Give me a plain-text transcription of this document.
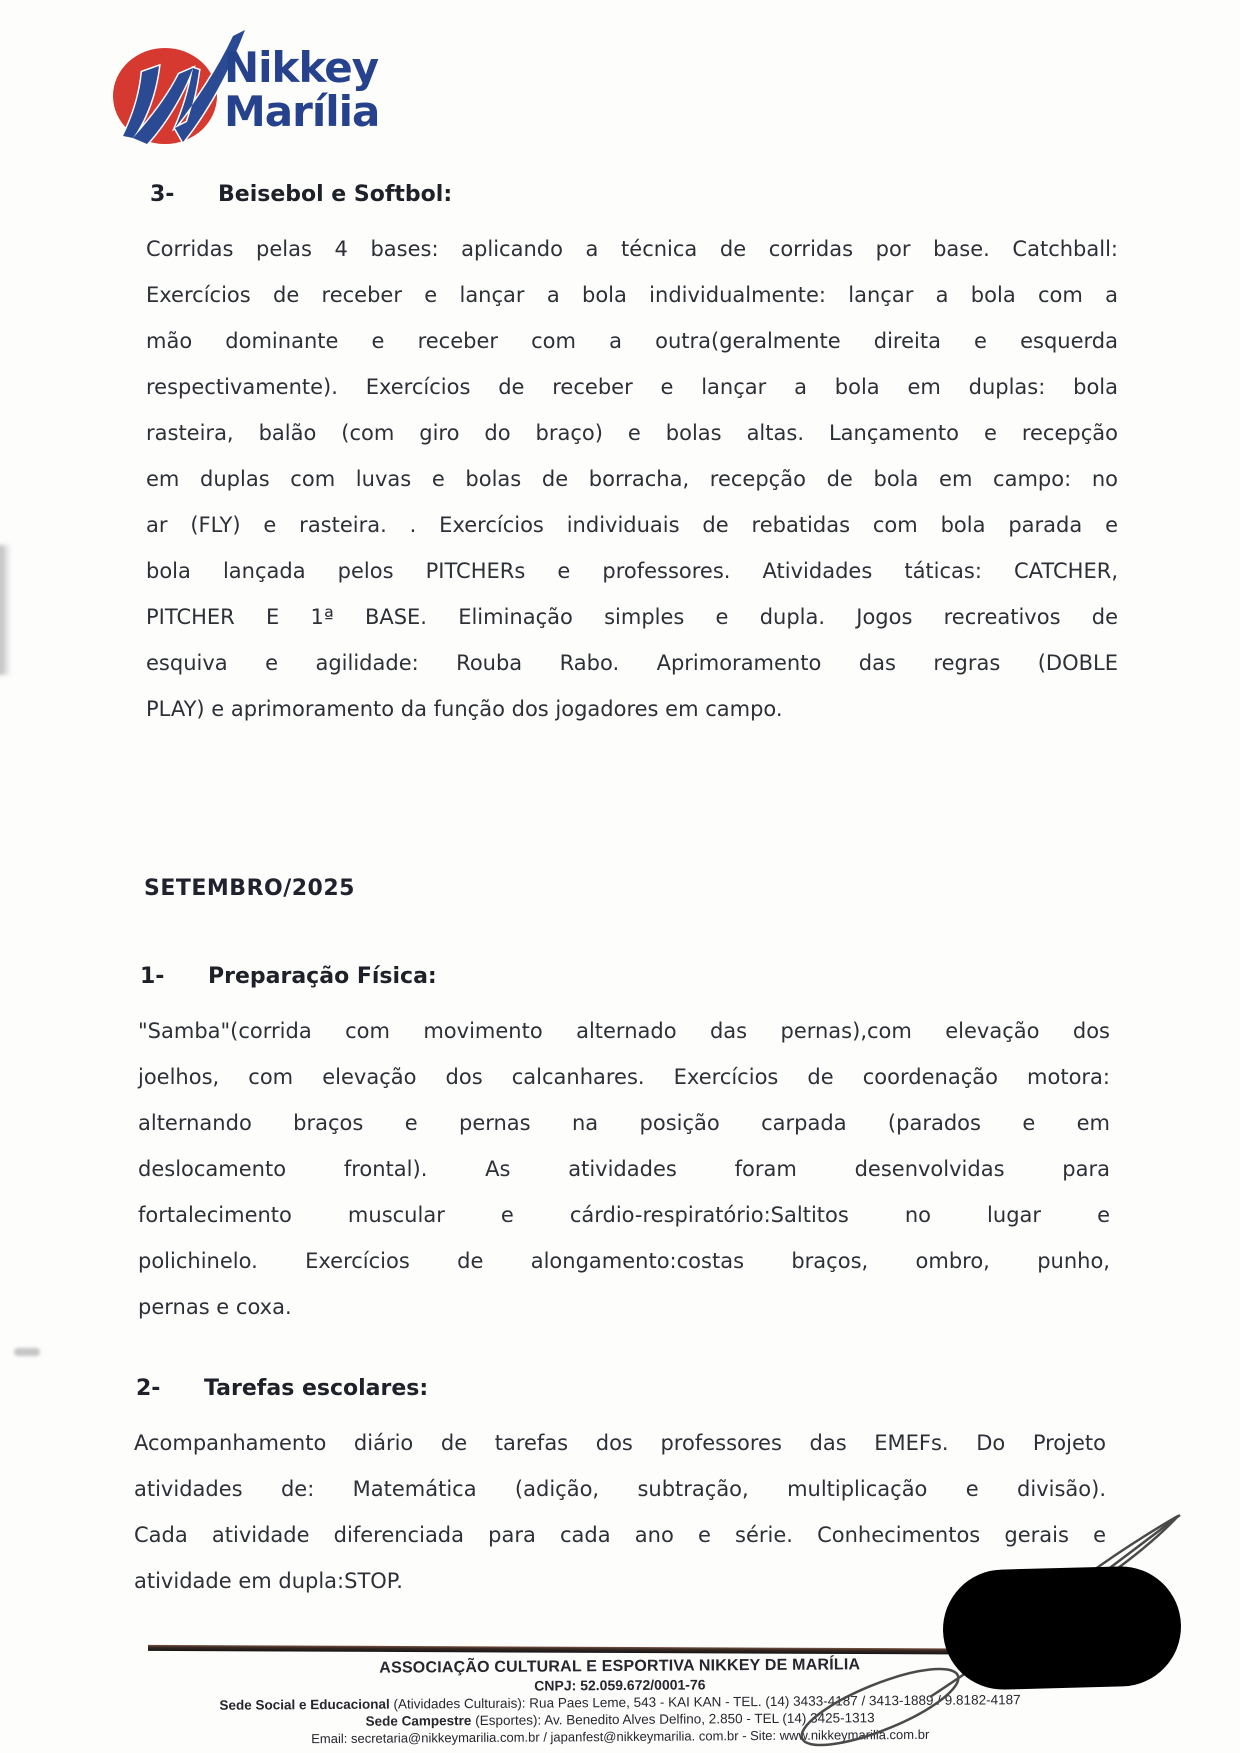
Nikkey
Marília
3- Beisebol e Softbol:
Corridas pelas 4 bases: aplicando a técnica de corridas por base. Catchball:
Exercícios de receber e lançar a bola individualmente: lançar a bola com a
mão dominante e receber com a outra(geralmente direita e esquerda
respectivamente). Exercícios de receber e lançar a bola em duplas: bola
rasteira, balão (com giro do braço) e bolas altas. Lançamento e recepção
em duplas com luvas e bolas de borracha, recepção de bola em campo: no
ar (FLY) e rasteira. . Exercícios individuais de rebatidas com bola parada e
bola lançada pelos PITCHERs e professores. Atividades táticas: CATCHER,
PITCHER E 1ª BASE. Eliminação simples e dupla. Jogos recreativos de
esquiva e agilidade: Rouba Rabo. Aprimoramento das regras (DOBLE
PLAY) e aprimoramento da função dos jogadores em campo.
SETEMBRO/2025
1- Preparação Física:
"Samba"(corrida com movimento alternado das pernas),com elevação dos
joelhos, com elevação dos calcanhares. Exercícios de coordenação motora:
alternando braços e pernas na posição carpada (parados e em
deslocamento frontal). As atividades foram desenvolvidas para
fortalecimento muscular e cárdio-respiratório:Saltitos no lugar e
polichinelo. Exercícios de alongamento:costas braços, ombro, punho,
pernas e coxa.
2- Tarefas escolares:
Acompanhamento diário de tarefas dos professores das EMEFs. Do Projeto
atividades de: Matemática (adição, subtração, multiplicação e divisão).
Cada atividade diferenciada para cada ano e série. Conhecimentos gerais e
atividade em dupla:STOP.
ASSOCIAÇÃO CULTURAL E ESPORTIVA NIKKEY DE MARÍLIA
CNPJ: 52.059.672/0001-76
Sede Social e Educacional (Atividades Culturais): Rua Paes Leme, 543 - KAI KAN - TEL. (14) 3433-4187 / 3413-1889 / 9.8182-4187
Sede Campestre (Esportes): Av. Benedito Alves Delfino, 2.850 - TEL (14) 3425-1313
Email: secretaria@nikkeymarilia.com.br / japanfest@nikkeymarilia. com.br - Site: www.nikkeymarilia.com.br
